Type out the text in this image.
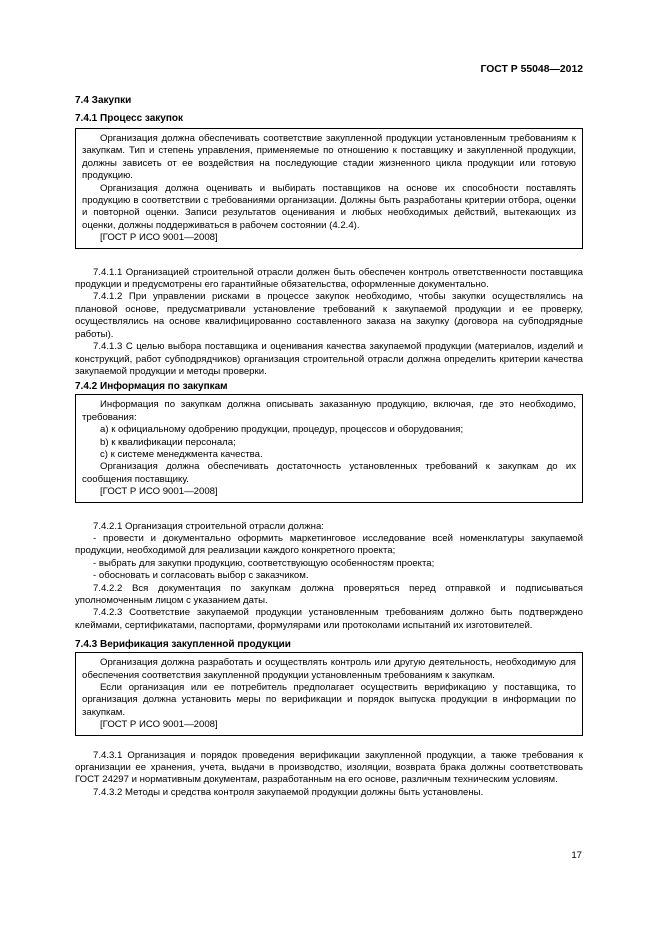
ГОСТ Р 55048—2012
7.4 Закупки
7.4.1 Процесс закупок

Организация должна обеспечивать соответствие закупленной продукции установленным требованиям к закупкам. Тип и степень управления, применяемые по отношению к поставщику и закупленной продукции, должны зависеть от ее воздействия на последующие стадии жизненного цикла продукции или готовую продукцию.

Организация должна оценивать и выбирать поставщиков на основе их способности поставлять продукцию в соответствии с требованиями организации. Должны быть разработаны критерии отбора, оценки и повторной оценки. Записи результатов оценивания и любых необходимых действий, вытекающих из оценки, должны поддерживаться в рабочем состоянии (4.2.4).

[ГОСТ Р ИСО 9001—2008]

7.4.1.1 Организацией строительной отрасли должен быть обеспечен контроль ответственности поставщика продукции и предусмотрены его гарантийные обязательства, оформленные документально.

7.4.1.2 При управлении рисками в процессе закупок необходимо, чтобы закупки осуществлялись на плановой основе, предусматривали установление требований к закупаемой продукции и ее проверку, осуществлялись на основе квалифицированно составленного заказа на закупку (договора на субподрядные работы).

7.4.1.3 С целью выбора поставщика и оценивания качества закупаемой продукции (материалов, изделий и конструкций, работ субподрядчиков) организация строительной отрасли должна определить критерии качества закупаемой продукции и методы проверки.

7.4.2 Информация по закупкам

Информация по закупкам должна описывать заказанную продукцию, включая, где это необходимо, требования:

a) к официальному одобрению продукции, процедур, процессов и оборудования;
b) к квалификации персонала;
c) к системе менеджмента качества.

Организация должна обеспечивать достаточность установленных требований к закупкам до их сообщения поставщику.

[ГОСТ Р ИСО 9001—2008]

7.4.2.1 Организация строительной отрасли должна:

- провести и документально оформить маркетинговое исследование всей номенклатуры закупаемой продукции, необходимой для реализации каждого конкретного проекта;

- выбрать для закупки продукцию, соответствующую особенностям проекта;

- обосновать и согласовать выбор с заказчиком.

7.4.2.2 Вся документация по закупкам должна проверяться перед отправкой и подписываться уполномоченным лицом с указанием даты.

7.4.2.3 Соответствие закупаемой продукции установленным требованиям должно быть подтверждено клеймами, сертификатами, паспортами, формулярами или протоколами испытаний их изготовителей.

7.4.3 Верификация закупленной продукции

Организация должна разработать и осуществлять контроль или другую деятельность, необходимую для обеспечения соответствия закупленной продукции установленным требованиям к закупкам.

Если организация или ее потребитель предполагает осуществить верификацию у поставщика, то организация должна установить меры по верификации и порядок выпуска продукции в информации по закупкам.

[ГОСТ Р ИСО 9001—2008]

7.4.3.1 Организация и порядок проведения верификации закупленной продукции, а также требования к организации ее хранения, учета, выдачи в производство, изоляции, возврата брака должны соответствовать ГОСТ 24297 и нормативным документам, разработанным на его основе, различным техническим условиям.

7.4.3.2 Методы и средства контроля закупаемой продукции должны быть установлены.

17
